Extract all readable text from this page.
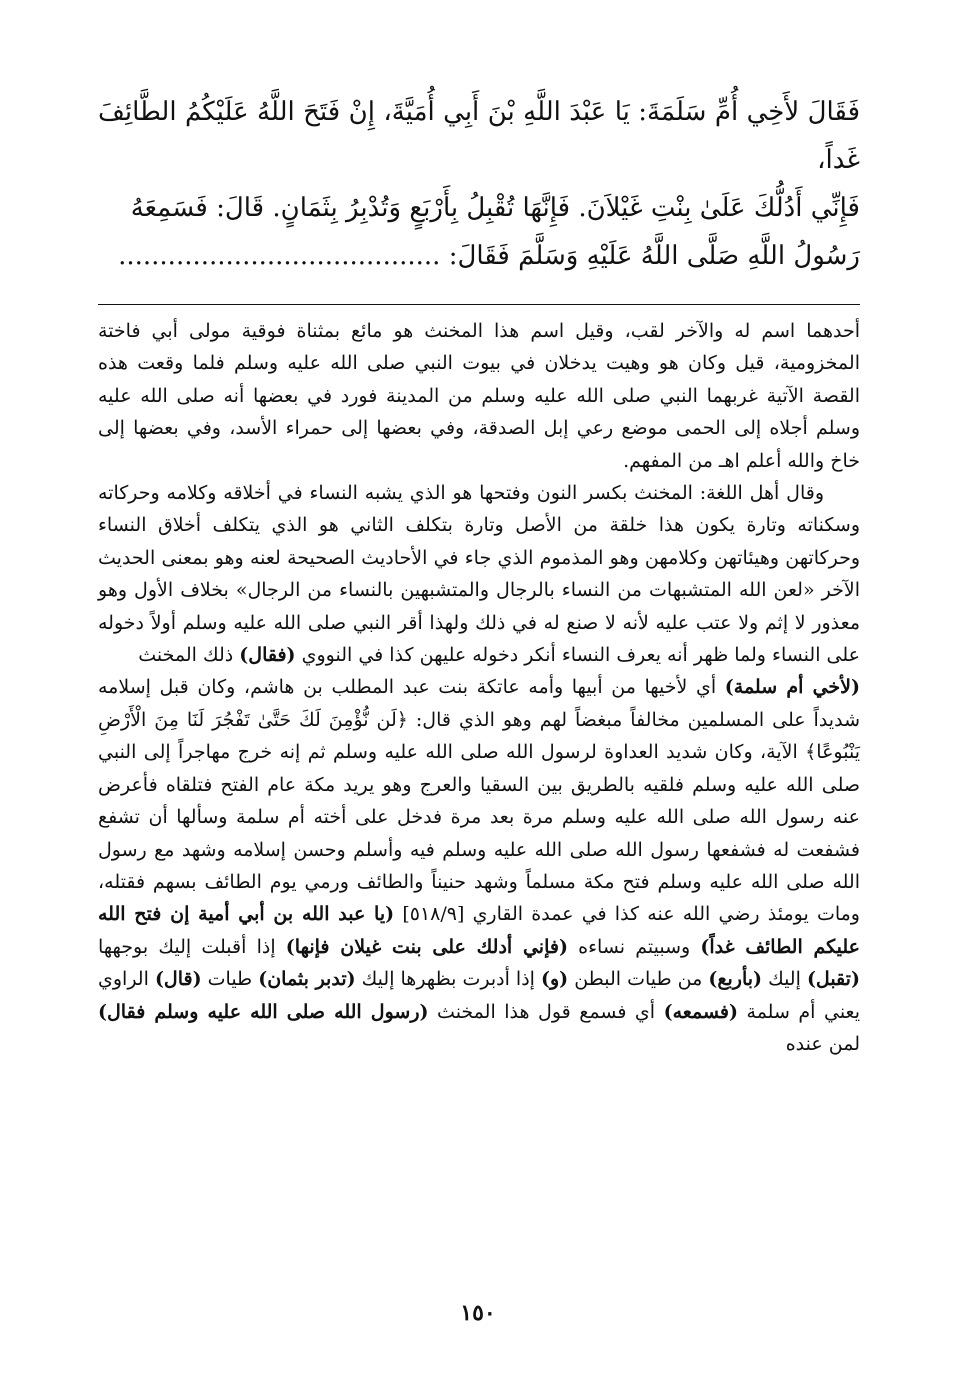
فَقَالَ لأَخِي أُمِّ سَلَمَةَ: يَا عَبْدَ اللَّهِ بْنَ أَبِي أُمَيَّةَ، إِنْ فَتَحَ اللَّهُ عَلَيْكُمُ الطَّائِفَ غَداً،
فَإِنِّي أَدُلُّكَ عَلَىٰ بِنْتِ غَيْلاَنَ. فَإِنَّهَا تُقْبِلُ بِأَرْبَعٍ وَتُدْبِرُ بِثَمَانٍ. قَالَ: فَسَمِعَهُ
رَسُولُ اللَّهِ صَلَّى اللَّهُ عَلَيْهِ وَسَلَّمَ فَقَالَ: .......................................

أحدهما اسم له والآخر لقب، وقيل اسم هذا المخنث هو مائع بمثناة فوقية مولى أبي فاختة المخزومية، قيل وكان هو وهيت يدخلان في بيوت النبي صلى الله عليه وسلم فلما وقعت هذه القصة الآتية غربهما النبي صلى الله عليه وسلم من المدينة فورد في بعضها أنه صلى الله عليه وسلم أجلاه إلى الحمى موضع رعي إبل الصدقة، وفي بعضها إلى حمراء الأسد، وفي بعضها إلى خاخ والله أعلم اهـ من المفهم.

وقال أهل اللغة: المخنث بكسر النون وفتحها هو الذي يشبه النساء في أخلاقه وكلامه وحركاته وسكناته وتارة يكون هذا خلقة من الأصل وتارة بتكلف الثاني هو الذي يتكلف أخلاق النساء وحركاتهن وهيئاتهن وكلامهن وهو المذموم الذي جاء في الأحاديث الصحيحة لعنه وهو بمعنى الحديث الآخر «لعن الله المتشبهات من النساء بالرجال والمتشبهين بالنساء من الرجال» بخلاف الأول وهو معذور لا إثم ولا عتب عليه لأنه لا صنع له في ذلك ولهذا أقر النبي صلى الله عليه وسلم أولاً دخوله على النساء ولما ظهر أنه يعرف النساء أنكر دخوله عليهن كذا في النووي (فقال) ذلك المخنث
(لأخي أم سلمة) أي لأخيها من أبيها وأمه عاتكة بنت عبد المطلب بن هاشم، وكان قبل إسلامه شديداً على المسلمين مخالفاً مبغضاً لهم وهو الذي قال: ﴿لَن نُّؤْمِنَ لَكَ حَتَّىٰ تَفْجُرَ لَنَا مِنَ الْأَرْضِ يَنْبُوعًا﴾ الآية، وكان شديد العداوة لرسول الله صلى الله عليه وسلم ثم إنه خرج مهاجراً إلى النبي صلى الله عليه وسلم فلقيه بالطريق بين السقيا والعرج وهو يريد مكة عام الفتح فتلقاه فأعرض عنه رسول الله صلى الله عليه وسلم مرة بعد مرة فدخل على أخته أم سلمة وسألها أن تشفع فشفعت له فشفعها رسول الله صلى الله عليه وسلم فيه وأسلم وحسن إسلامه وشهد مع رسول الله صلى الله عليه وسلم فتح مكة مسلماً وشهد حنيناً والطائف ورمي يوم الطائف بسهم فقتله، ومات يومئذ رضي الله عنه كذا في عمدة القاري [٥١٨/٩] (يا عبد الله بن أبي أمية إن فتح الله عليكم الطائف غداً) وسبيتم نساءه (فإني أدلك على بنت غيلان فإنها) إذا أقبلت إليك بوجهها (تقبل) إليك (بأربع) من طيات البطن (و) إذا أدبرت بظهرها إليك (تدبر بثمان) طيات (قال) الراوي يعني أم سلمة (فسمعه) أي فسمع قول هذا المخنث (رسول الله صلى الله عليه وسلم فقال) لمن عنده

١٥٠
